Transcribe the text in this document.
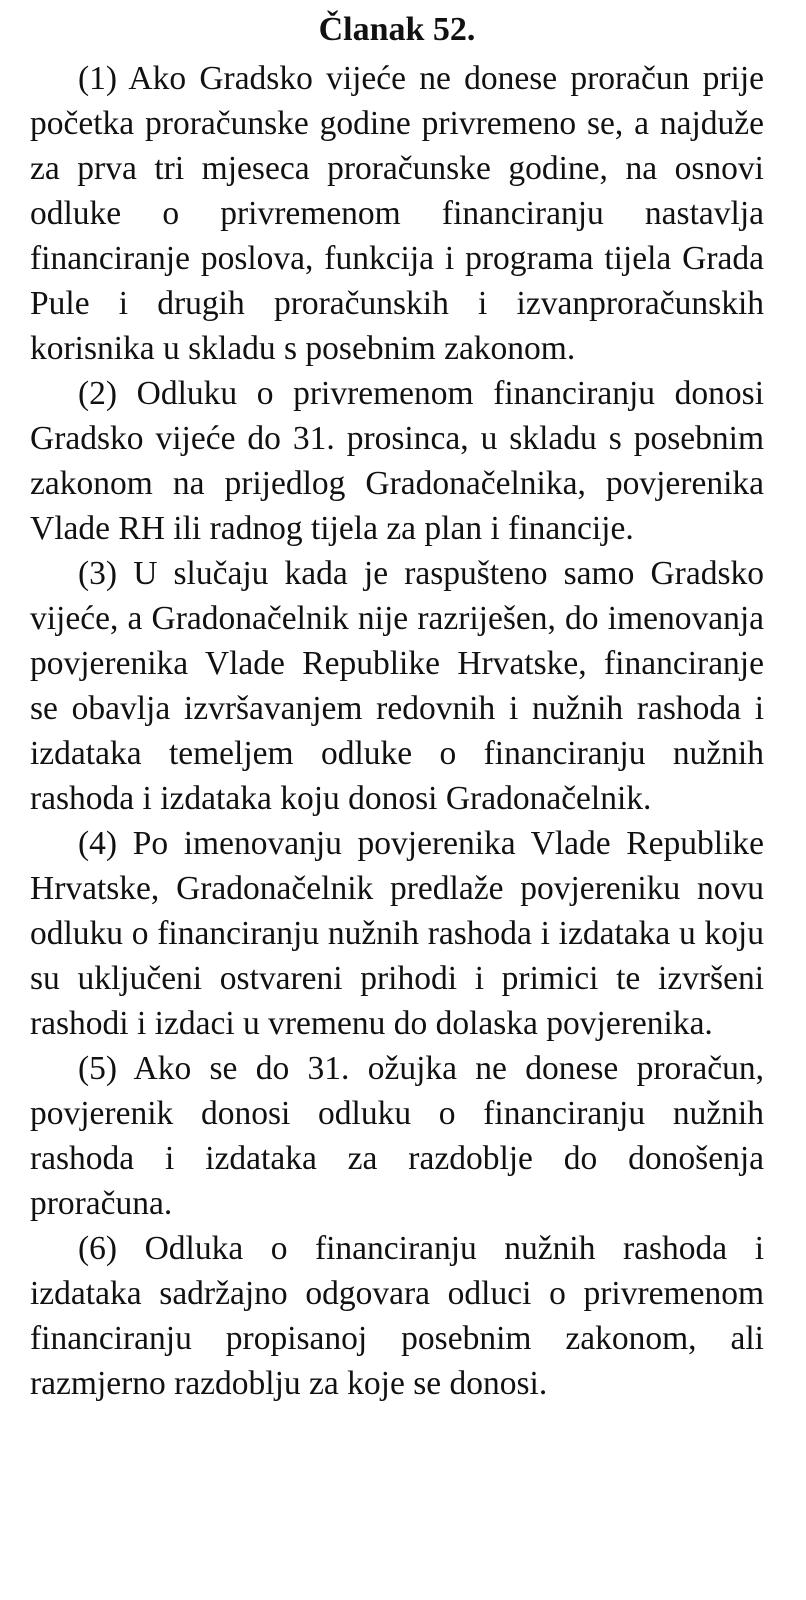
Članak 52.

(1) Ako Gradsko vijeće ne donese proračun prije početka proračunske godine privremeno se, a najduže za prva tri mjeseca proračunske godine, na osnovi odluke o privremenom financiranju nastavlja financiranje poslova, funkcija i programa tijela Grada Pule i drugih proračunskih i izvanproračunskih korisnika u skladu s posebnim zakonom.

(2) Odluku o privremenom financiranju donosi Gradsko vijeće do 31. prosinca, u skladu s posebnim zakonom na prijedlog Gradonačelnika, povjerenika Vlade RH ili radnog tijela za plan i financije.

(3) U slučaju kada je raspušteno samo Gradsko vijeće, a Gradonačelnik nije razriješen, do imenovanja povjerenika Vlade Republike Hrvatske, financiranje se obavlja izvršavanjem redovnih i nužnih rashoda i izdataka temeljem odluke o financiranju nužnih rashoda i izdataka koju donosi Gradonačelnik.

(4) Po imenovanju povjerenika Vlade Republike Hrvatske, Gradonačelnik predlaže povjereniku novu odluku o financiranju nužnih rashoda i izdataka u koju su uključeni ostvareni prihodi i primici te izvršeni rashodi i izdaci u vremenu do dolaska povjerenika.

(5) Ako se do 31. ožujka ne donese proračun, povjerenik donosi odluku o financiranju nužnih rashoda i izdataka za razdoblje do donošenja proračuna.

(6) Odluka o financiranju nužnih rashoda i izdataka sadržajno odgovara odluci o privremenom financiranju propisanoj posebnim zakonom, ali razmjerno razdoblju za koje se donosi.
